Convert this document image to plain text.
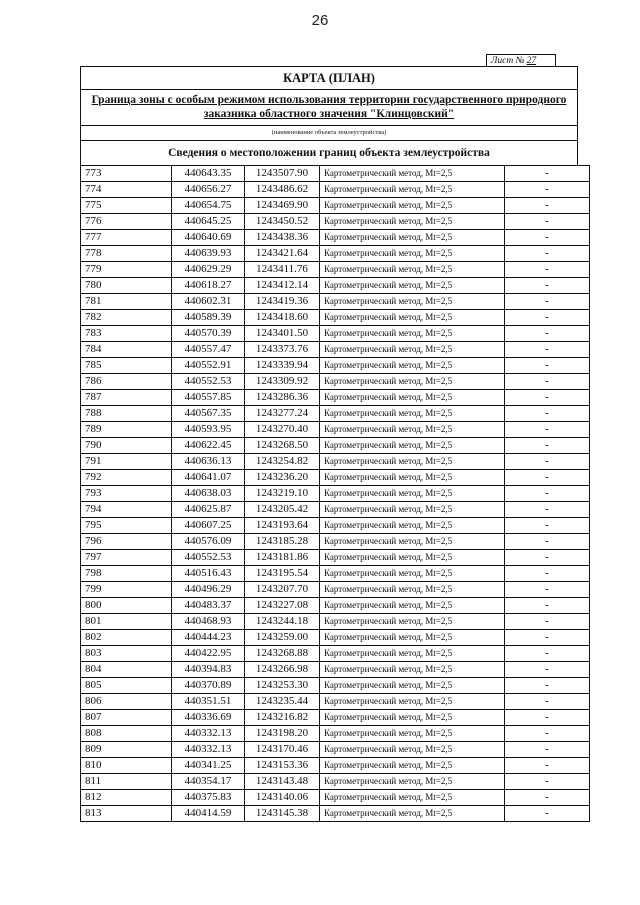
26
Лист № 27
КАРТА (ПЛАН)
Граница зоны с особым режимом использования территории государственного природного заказника областного значения "Клинцовский"
(наименование объекта землеустройства)
Сведения о местоположении границ объекта землеустройства
773	440643.35	1243507.90	Картометрический метод, Mt=2,5	-
774	440656.27	1243486.62	Картометрический метод, Mt=2,5	-
775	440654.75	1243469.90	Картометрический метод, Mt=2,5	-
776	440645.25	1243450.52	Картометрический метод, Mt=2,5	-
777	440640.69	1243438.36	Картометрический метод, Mt=2,5	-
778	440639.93	1243421.64	Картометрический метод, Mt=2,5	-
779	440629.29	1243411.76	Картометрический метод, Mt=2,5	-
780	440618.27	1243412.14	Картометрический метод, Mt=2,5	-
781	440602.31	1243419.36	Картометрический метод, Mt=2,5	-
782	440589.39	1243418.60	Картометрический метод, Mt=2,5	-
783	440570.39	1243401.50	Картометрический метод, Mt=2,5	-
784	440557.47	1243373.76	Картометрический метод, Mt=2,5	-
785	440552.91	1243339.94	Картометрический метод, Mt=2,5	-
786	440552.53	1243309.92	Картометрический метод, Mt=2,5	-
787	440557.85	1243286.36	Картометрический метод, Mt=2,5	-
788	440567.35	1243277.24	Картометрический метод, Mt=2,5	-
789	440593.95	1243270.40	Картометрический метод, Mt=2,5	-
790	440622.45	1243268.50	Картометрический метод, Mt=2,5	-
791	440636.13	1243254.82	Картометрический метод, Mt=2,5	-
792	440641.07	1243236.20	Картометрический метод, Mt=2,5	-
793	440638.03	1243219.10	Картометрический метод, Mt=2,5	-
794	440625.87	1243205.42	Картометрический метод, Mt=2,5	-
795	440607.25	1243193.64	Картометрический метод, Mt=2,5	-
796	440576.09	1243185.28	Картометрический метод, Mt=2,5	-
797	440552.53	1243181.86	Картометрический метод, Mt=2,5	-
798	440516.43	1243195.54	Картометрический метод, Mt=2,5	-
799	440496.29	1243207.70	Картометрический метод, Mt=2,5	-
800	440483.37	1243227.08	Картометрический метод, Mt=2,5	-
801	440468.93	1243244.18	Картометрический метод, Mt=2,5	-
802	440444.23	1243259.00	Картометрический метод, Mt=2,5	-
803	440422.95	1243268.88	Картометрический метод, Mt=2,5	-
804	440394.83	1243266.98	Картометрический метод, Mt=2,5	-
805	440370.89	1243253.30	Картометрический метод, Mt=2,5	-
806	440351.51	1243235.44	Картометрический метод, Mt=2,5	-
807	440336.69	1243216.82	Картометрический метод, Mt=2,5	-
808	440332.13	1243198.20	Картометрический метод, Mt=2,5	-
809	440332.13	1243170.46	Картометрический метод, Mt=2,5	-
810	440341.25	1243153.36	Картометрический метод, Mt=2,5	-
811	440354.17	1243143.48	Картометрический метод, Mt=2,5	-
812	440375.83	1243140.06	Картометрический метод, Mt=2,5	-
813	440414.59	1243145.38	Картометрический метод, Mt=2,5	-
